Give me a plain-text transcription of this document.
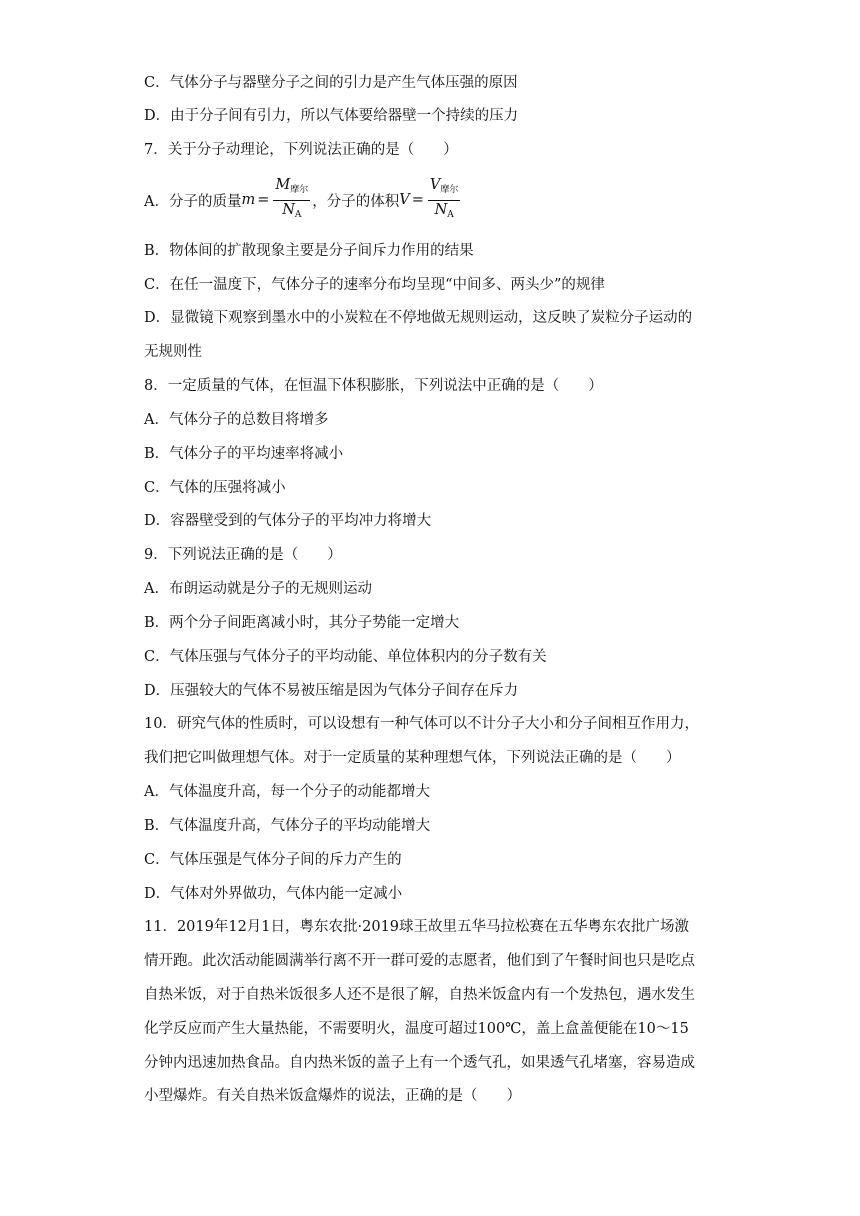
C．气体分子与器壁分子之间的引力是产生气体压强的原因
D．由于分子间有引力，所以气体要给器壁一个持续的压力
7．关于分子动理论，下列说法正确的是（　　）
A．分子的质量 $m = \frac{M_{摩尔}}{N_A}$ ，分子的体积 $V = \frac{V_{摩尔}}{N_A}$
B．物体间的扩散现象主要是分子间斥力作用的结果
C．在任一温度下，气体分子的速率分布均呈现“中间多、两头少”的规律
D．显微镜下观察到墨水中的小炭粒在不停地做无规则运动，这反映了炭粒分子运动的
无规则性
8．一定质量的气体，在恒温下体积膨胀，下列说法中正确的是（　　）
A．气体分子的总数目将增多
B．气体分子的平均速率将减小
C．气体的压强将减小
D．容器壁受到的气体分子的平均冲力将增大
9．下列说法正确的是（　　）
A．布朗运动就是分子的无规则运动
B．两个分子间距离减小时，其分子势能一定增大
C．气体压强与气体分子的平均动能、单位体积内的分子数有关
D．压强较大的气体不易被压缩是因为气体分子间存在斥力
10．研究气体的性质时，可以设想有一种气体可以不计分子大小和分子间相互作用力，
我们把它叫做理想气体。对于一定质量的某种理想气体，下列说法正确的是（　　）
A．气体温度升高，每一个分子的动能都增大
B．气体温度升高，气体分子的平均动能增大
C．气体压强是气体分子间的斥力产生的
D．气体对外界做功，气体内能一定减小
11．2019年12月1日，粤东农批·2019球王故里五华马拉松赛在五华粤东农批广场激
情开跑。此次活动能圆满举行离不开一群可爱的志愿者，他们到了午餐时间也只是吃点
自热米饭，对于自热米饭很多人还不是很了解，自热米饭盒内有一个发热包，遇水发生
化学反应而产生大量热能，不需要明火，温度可超过100℃，盖上盒盖便能在10～15
分钟内迅速加热食品。自内热米饭的盖子上有一个透气孔，如果透气孔堵塞，容易造成
小型爆炸。有关自热米饭盒爆炸的说法，正确的是（　　）
